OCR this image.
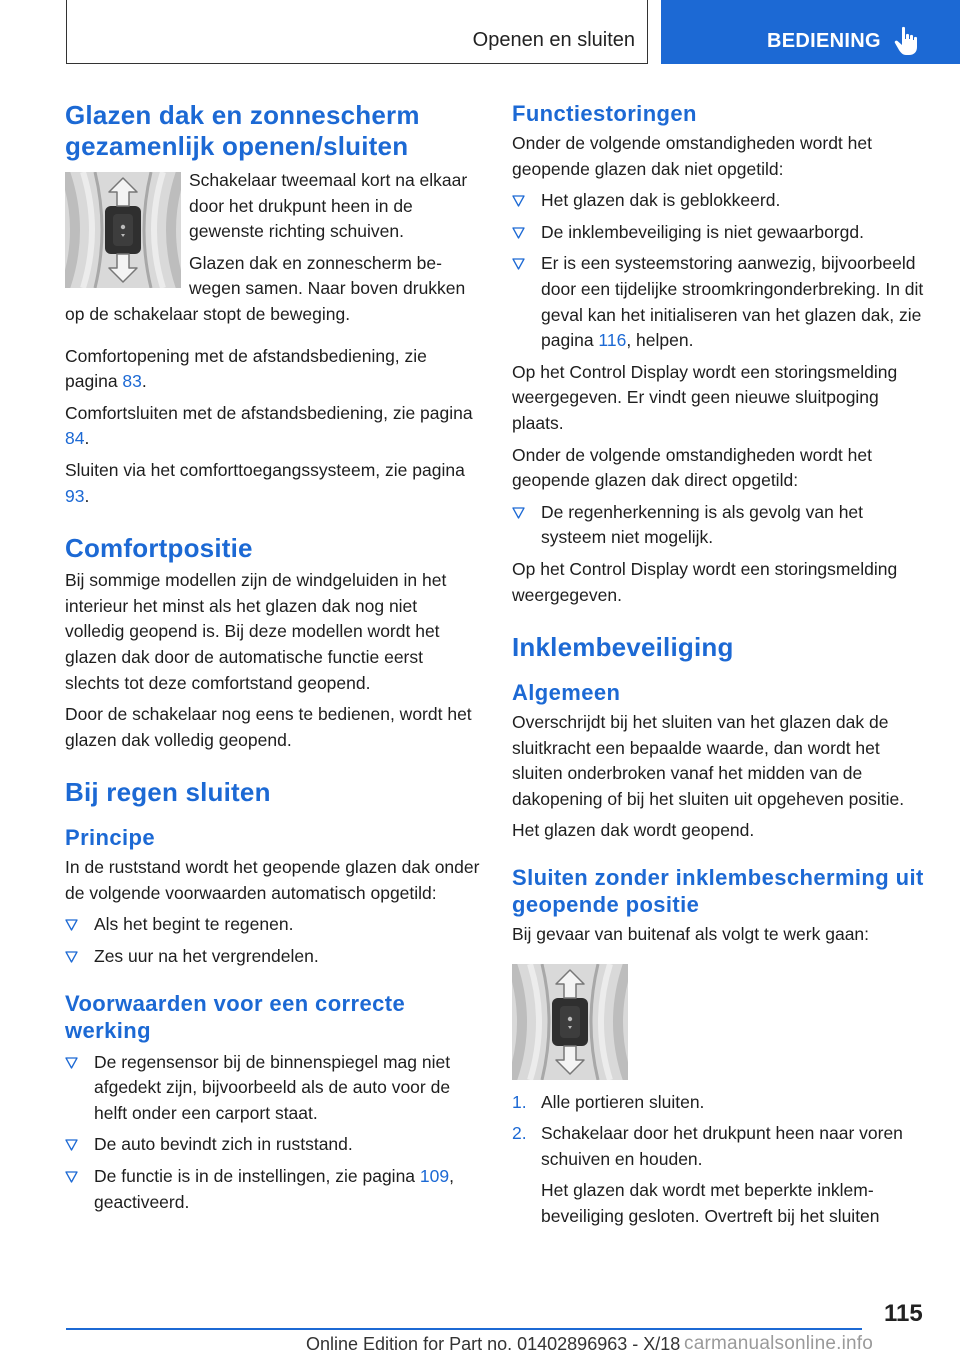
Openen en sluiten	BEDIENING
Glazen dak en zonnescherm gezamenlijk openen/sluiten

Schakelaar tweemaal kort na elkaar door het drukpunt heen in de gewenste richting schuiven.

Glazen dak en zonnescherm bewegen samen. Naar boven drukken op de schakelaar stopt de beweging.

Comfortopening met de afstandsbediening, zie pagina 83.

Comfortsluiten met de afstandsbediening, zie pagina 84.

Sluiten via het comforttoegangssysteem, zie pagina 93.

Comfortpositie

Bij sommige modellen zijn de windgeluiden in het interieur het minst als het glazen dak nog niet volledig geopend is. Bij deze modellen wordt het glazen dak door de automatische functie eerst slechts tot deze comfortstand geopend.

Door de schakelaar nog eens te bedienen, wordt het glazen dak volledig geopend.

Bij regen sluiten
Principe

In de ruststand wordt het geopende glazen dak onder de volgende voorwaarden automatisch opgetild:

Als het begint te regenen.
Zes uur na het vergrendelen.
Voorwaarden voor een correcte werking
De regensensor bij de binnenspiegel mag niet afgedekt zijn, bijvoorbeeld als de auto voor de helft onder een carport staat.
De auto bevindt zich in ruststand.
De functie is in de instellingen, zie pagina 109, geactiveerd.
Functiestoringen

Onder de volgende omstandigheden wordt het geopende glazen dak niet opgetild:

Het glazen dak is geblokkeerd.
De inklembeveiliging is niet gewaarborgd.
Er is een systeemstoring aanwezig, bijvoorbeeld door een tijdelijke stroomkringonderbreking. In dit geval kan het initialiseren van het glazen dak, zie pagina 116, helpen.

Op het Control Display wordt een storingsmelding weergegeven. Er vindt geen nieuwe sluitpoging plaats.

Onder de volgende omstandigheden wordt het geopende glazen dak direct opgetild:

De regenherkenning is als gevolg van het systeem niet mogelijk.

Op het Control Display wordt een storingsmelding weergegeven.

Inklembeveiliging
Algemeen

Overschrijdt bij het sluiten van het glazen dak de sluitkracht een bepaalde waarde, dan wordt het sluiten onderbroken vanaf het midden van de dakopening of bij het sluiten uit opgeheven positie.

Het glazen dak wordt geopend.

Sluiten zonder inklembescherming uit geopende positie

Bij gevaar van buitenaf als volgt te werk gaan:

1. Alle portieren sluiten.
2. Schakelaar door het drukpunt heen naar voren schuiven en houden.

Het glazen dak wordt met beperkte inklembeveiliging gesloten. Overtreft bij het sluiten

115
Online Edition for Part no. 01402896963 - X/18 carmanualsonline.info
